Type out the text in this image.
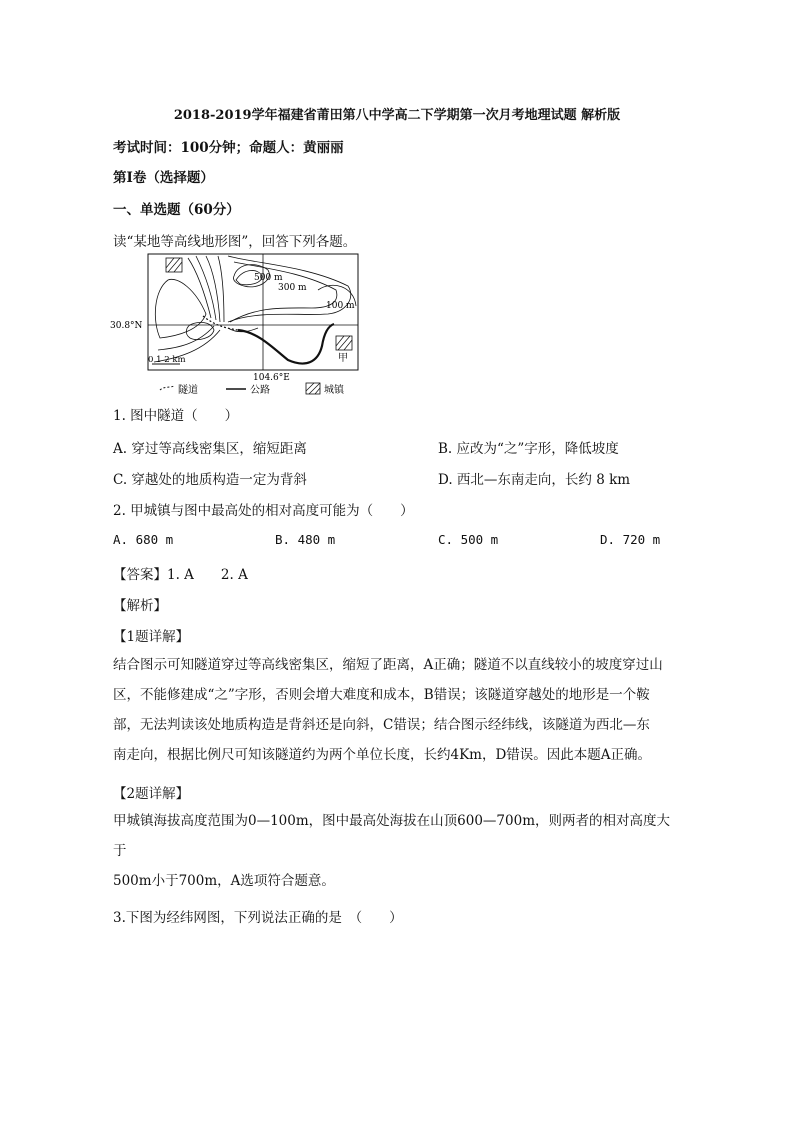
2018-2019学年福建省莆田第八中学高二下学期第一次月考地理试题 解析版
考试时间：100分钟；命题人：黄丽丽
第I卷（选择题）
一、单选题（60分）
读“某地等高线地形图”，回答下列各题。
甲
500 m
300 m
100 m
30.8°N
0 1 2 km
104.6°E
隧道	公路	城镇
1. 图中隧道（　　）
A. 穿过等高线密集区，缩短距离	B. 应改为“之”字形，降低坡度
C. 穿越处的地质构造一定为背斜	D. 西北—东南走向，长约 8 km
2. 甲城镇与图中最高处的相对高度可能为（　　）
A. 680 m	B. 480 m	C. 500 m	D. 720 m
【答案】1. A　　2. A
【解析】
【1题详解】
结合图示可知隧道穿过等高线密集区，缩短了距离，A正确；隧道不以直线较小的坡度穿过山
区，不能修建成“之”字形，否则会增大难度和成本，B错误；该隧道穿越处的地形是一个鞍
部，无法判读该处地质构造是背斜还是向斜，C错误；结合图示经纬线，该隧道为西北—东
南走向，根据比例尺可知该隧道约为两个单位长度，长约4Km，D错误。因此本题A正确。
【2题详解】
甲城镇海拔高度范围为0—100m，图中最高处海拔在山顶600—700m，则两者的相对高度大于
500m小于700m，A选项符合题意。
3.下图为经纬网图，下列说法正确的是　（　　）
